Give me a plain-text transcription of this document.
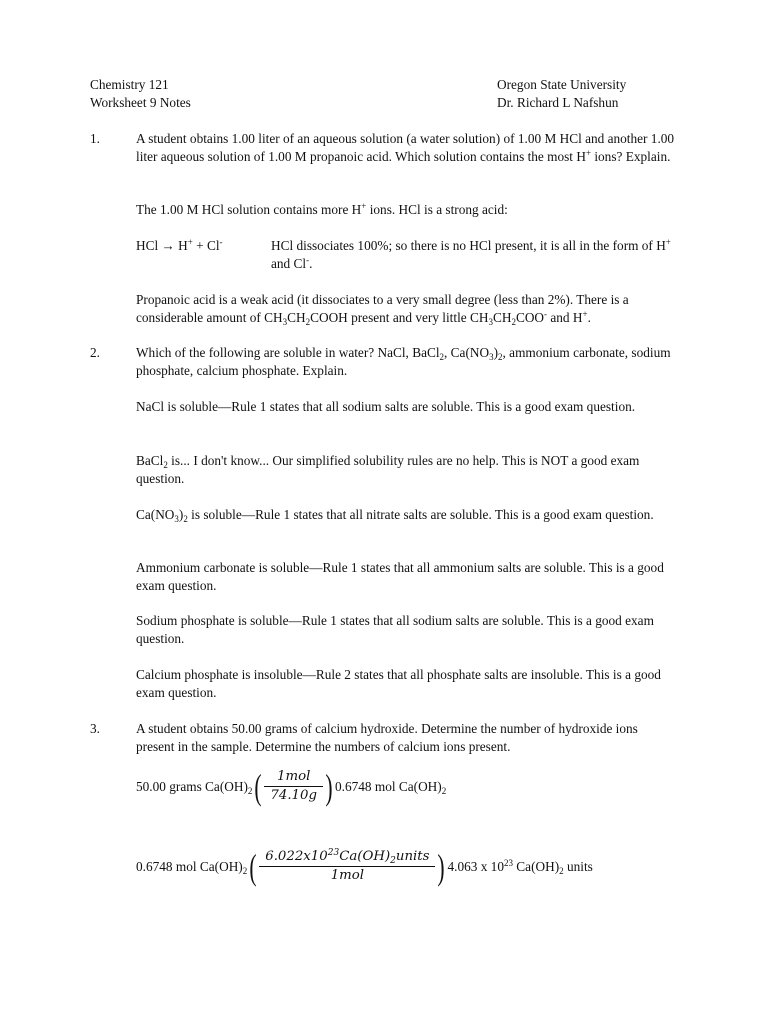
Chemistry 121
Worksheet 9 Notes
Oregon State University
Dr. Richard L Nafshun
1.	A student obtains 1.00 liter of an aqueous solution (a water solution) of 1.00 M HCl and another 1.00 liter aqueous solution of 1.00 M propanoic acid. Which solution contains the most H+ ions? Explain.

The 1.00 M HCl solution contains more H+ ions. HCl is a strong acid:

HCl → H+ + Cl-	HCl dissociates 100%; so there is no HCl present, it is all in the form of H+ and Cl-.

Propanoic acid is a weak acid (it dissociates to a very small degree (less than 2%). There is a considerable amount of $CH_3CH_2COOH$ present and very little $CH_3CH_2COO^-$ and H+.

2.	Which of the following are soluble in water? NaCl, BaCl$_2$, $Ca(NO_3)_2$, ammonium carbonate, sodium phosphate, calcium phosphate. Explain.

NaCl is soluble—Rule 1 states that all sodium salts are soluble. This is a good exam question.

BaCl$_2$ is... I don't know... Our simplified solubility rules are no help. This is NOT a good exam question.

$Ca(NO_3)_2$ is soluble—Rule 1 states that all nitrate salts are soluble. This is a good exam question.

Ammonium carbonate is soluble—Rule 1 states that all ammonium salts are soluble. This is a good exam question.
Sodium phosphate is soluble—Rule 1 states that all sodium salts are soluble. This is a good exam question.
Calcium phosphate is insoluble—Rule 2 states that all phosphate salts are insoluble. This is a good exam question.
3.	A student obtains 50.00 grams of calcium hydroxide. Determine the number of hydroxide ions present in the sample. Determine the numbers of calcium ions present.
50.00 grams $Ca(OH)_2$ ( $\frac{\text{1mol}}{74.10g}$ ) 0.6748 mol $Ca(OH)_2$
0.6748 mol $Ca(OH)_2$ ( $\frac{6.022x10^{23}Ca(OH)_2units}{\text{1mol}}$ ) 4.063 x $10^{23}$ $Ca(OH)_2$ units
